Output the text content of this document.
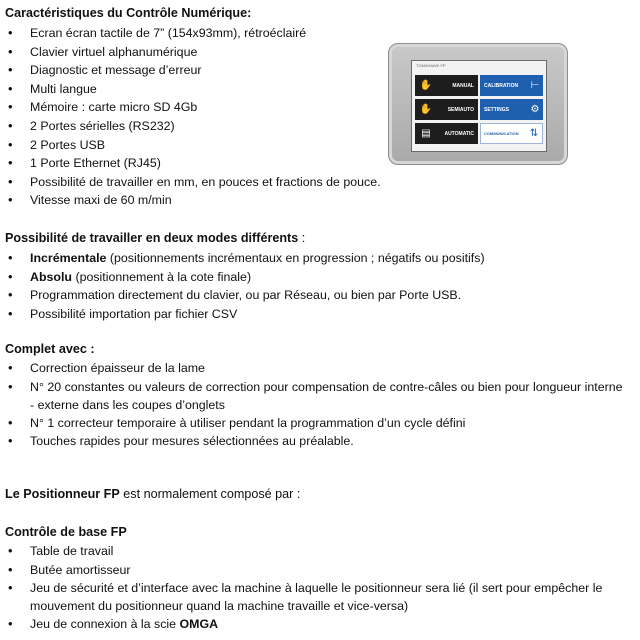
Caractéristiques du Contrôle Numérique:
• Ecran écran tactile de 7” (154x93mm), rétroéclairé
• Clavier virtuel alphanumérique
• Diagnostic et message d’erreur
• Multi langue
• Mémoire : carte micro SD 4Gb
• 2 Portes sérielles (RS232)
• 2 Portes USB
• 1 Porte Ethernet (RJ45)
• Possibilité de travailler en mm, en pouces et fractions de pouce.
• Vitesse maxi de 60 m/min
TOMAHAWK FP
✋	MANUAL CALIBRATION	⊢
✋	SEMIAUTO SETTINGS	⚙
▤	AUTOMATIC	COMMUNICATION	⇅
Possibilité de travailler en deux modes différents :
• Incrémentale (positionnements incrémentaux en progression ; négatifs ou positifs)
• Absolu (positionnement à la cote finale)
• Programmation directement du clavier, ou par Réseau, ou bien par Porte USB.
• Possibilité importation par fichier CSV
Complet avec :
• Correction épaisseur de la lame
• N° 20 constantes ou valeurs de correction pour compensation de contre-câles ou bien pour longueur interne - externe dans les coupes d’onglets
• N° 1 correcteur temporaire à utiliser pendant la programmation d’un cycle défini
• Touches rapides pour mesures sélectionnées au préalable.
Le Positionneur FP est normalement composé par :
Contrôle de base FP
• Table de travail
• Butée amortisseur
• Jeu de sécurité et d’interface avec la machine à laquelle le positionneur sera lié (il sert pour empêcher le mouvement du positionneur quand la machine travaille et vice-versa)
• Jeu de connexion à la scie OMGA
